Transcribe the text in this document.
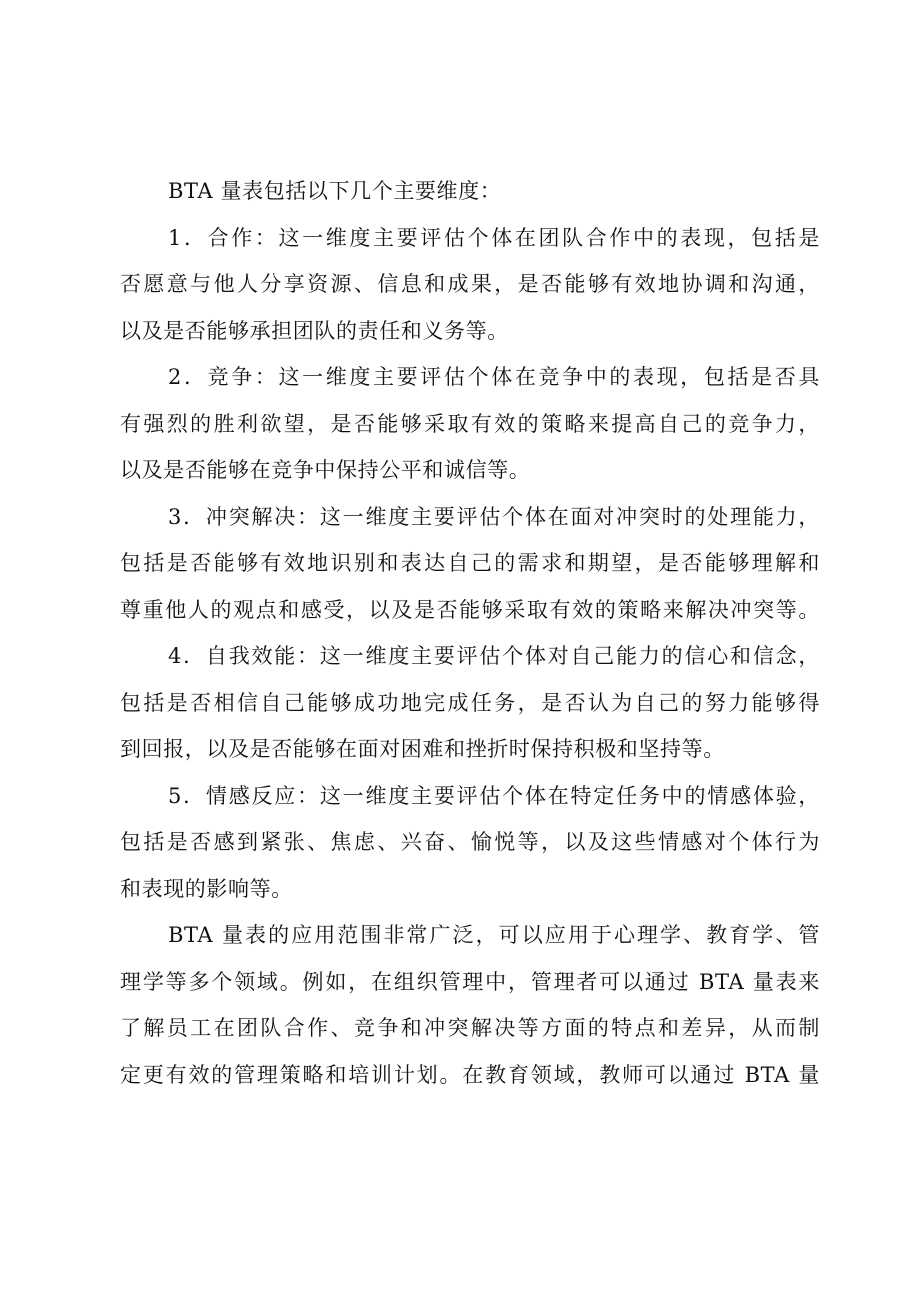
BTA 量表包括以下几个主要维度：
1．合作：这一维度主要评估个体在团队合作中的表现，包括是
否愿意与他人分享资源、信息和成果，是否能够有效地协调和沟通，
以及是否能够承担团队的责任和义务等。
2．竞争：这一维度主要评估个体在竞争中的表现，包括是否具
有强烈的胜利欲望，是否能够采取有效的策略来提高自己的竞争力，
以及是否能够在竞争中保持公平和诚信等。
3．冲突解决：这一维度主要评估个体在面对冲突时的处理能力，
包括是否能够有效地识别和表达自己的需求和期望，是否能够理解和
尊重他人的观点和感受，以及是否能够采取有效的策略来解决冲突等。
4．自我效能：这一维度主要评估个体对自己能力的信心和信念，
包括是否相信自己能够成功地完成任务，是否认为自己的努力能够得
到回报，以及是否能够在面对困难和挫折时保持积极和坚持等。
5．情感反应：这一维度主要评估个体在特定任务中的情感体验，
包括是否感到紧张、焦虑、兴奋、愉悦等，以及这些情感对个体行为
和表现的影响等。
BTA 量表的应用范围非常广泛，可以应用于心理学、教育学、管
理学等多个领域。例如，在组织管理中，管理者可以通过 BTA 量表来
了解员工在团队合作、竞争和冲突解决等方面的特点和差异，从而制
定更有效的管理策略和培训计划。在教育领域，教师可以通过 BTA 量
